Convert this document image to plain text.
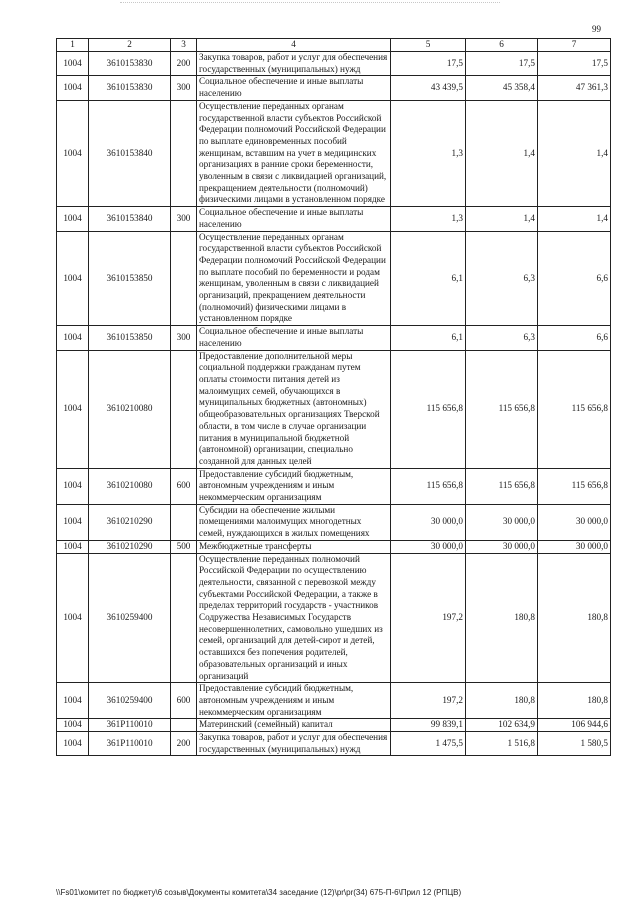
99
1	2	3	4	5	6	7
1004	3610153830	200	Закупка товаров, работ и услуг для обеспечения государственных (муниципальных) нужд	17,5	17,5	17,5
1004	3610153830	300	Социальное обеспечение и иные выплаты населению	43 439,5	45 358,4	47 361,3
1004	3610153840		Осуществление переданных органам государственной власти субъектов Российской Федерации полномочий Российской Федерации по выплате единовременных пособий женщинам, вставшим на учет в медицинских организациях в ранние сроки беременности, уволенным в связи с ликвидацией организаций, прекращением деятельности (полномочий) физическими лицами в установленном порядке	1,3	1,4	1,4
1004	3610153840	300	Социальное обеспечение и иные выплаты населению	1,3	1,4	1,4
1004	3610153850		Осуществление переданных органам государственной власти субъектов Российской Федерации полномочий Российской Федерации по выплате пособий по беременности и родам женщинам, уволенным в связи с ликвидацией организаций, прекращением деятельности (полномочий) физическими лицами в установленном порядке	6,1	6,3	6,6
1004	3610153850	300	Социальное обеспечение и иные выплаты населению	6,1	6,3	6,6
1004	3610210080		Предоставление дополнительной меры социальной поддержки гражданам путем оплаты стоимости питания детей из малоимущих семей, обучающихся в муниципальных бюджетных (автономных) общеобразовательных организациях Тверской области, в том числе в случае организации питания в муниципальной бюджетной (автономной) организации, специально созданной для данных целей	115 656,8	115 656,8	115 656,8
1004	3610210080	600	Предоставление субсидий бюджетным, автономным учреждениям и иным некоммерческим организациям	115 656,8	115 656,8	115 656,8
1004	3610210290		Субсидии на обеспечение жилыми помещениями малоимущих многодетных семей, нуждающихся в жилых помещениях	30 000,0	30 000,0	30 000,0
1004	3610210290	500	Межбюджетные трансферты	30 000,0	30 000,0	30 000,0
1004	3610259400		Осуществление переданных полномочий Российской Федерации по осуществлению деятельности, связанной с перевозкой между субъектами Российской Федерации, а также в пределах территорий государств - участников Содружества Независимых Государств несовершеннолетних, самовольно ушедших из семей, организаций для детей-сирот и детей, оставшихся без попечения родителей, образовательных организаций и иных организаций	197,2	180,8	180,8
1004	3610259400	600	Предоставление субсидий бюджетным, автономным учреждениям и иным некоммерческим организациям	197,2	180,8	180,8
1004	361P110010		Материнский (семейный) капитал	99 839,1	102 634,9	106 944,6
1004	361P110010	200	Закупка товаров, работ и услуг для обеспечения государственных (муниципальных) нужд	1 475,5	1 516,8	1 580,5
\\Fs01\комитет по бюджету\6 созыв\Документы комитета\34 заседание (12)\pr\pr(34) 675-П-6\Прил 12 (РПЦВ)
